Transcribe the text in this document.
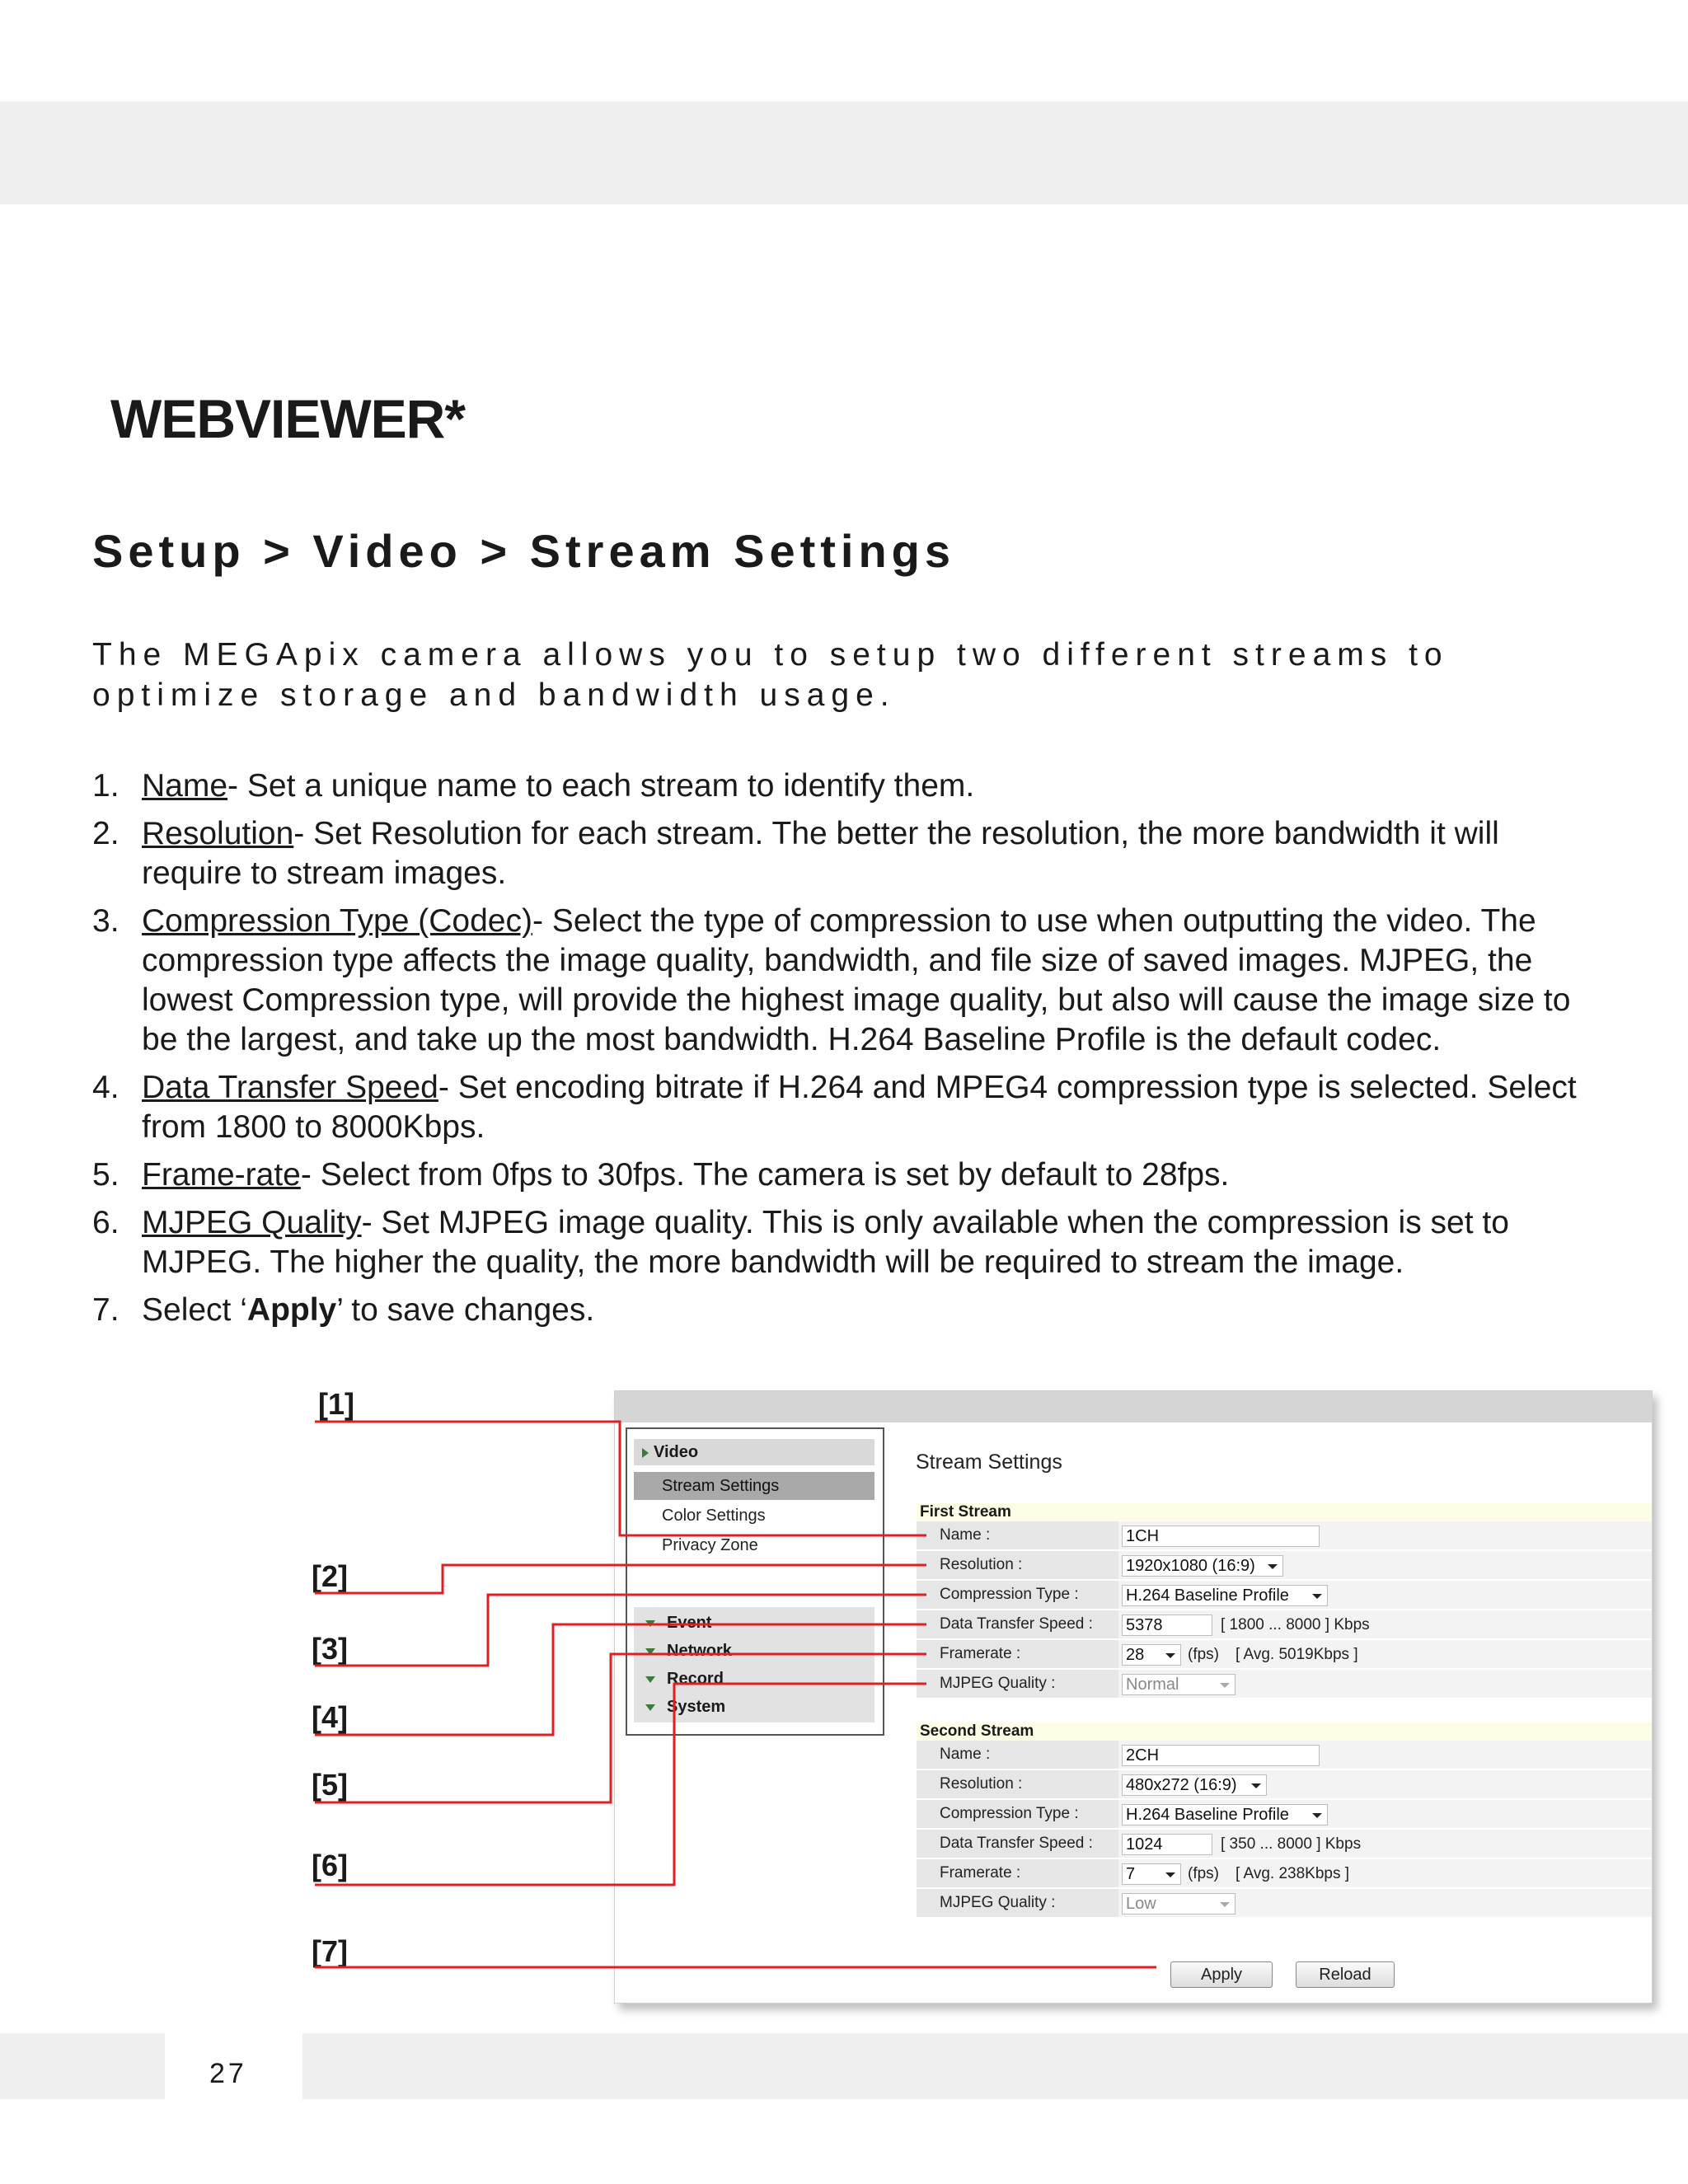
WEBVIEWER*
Setup > Video > Stream Settings

The MEGApix camera allows you to setup two different streams to optimize storage and bandwidth usage.

1. Name- Set a unique name to each stream to identify them.
2. Resolution- Set Resolution for each stream. The better the resolution, the more bandwidth it will require to stream images.
3. Compression Type (Codec)- Select the type of compression to use when outputting the video. The compression type affects the image quality, bandwidth, and file size of saved images. MJPEG, the lowest Compression type, will provide the highest image quality, but also will cause the image size to be the largest, and take up the most bandwidth. H.264 Baseline Profile is the default codec.
4. Data Transfer Speed- Set encoding bitrate if H.264 and MPEG4 compression type is selected. Select from 1800 to 8000Kbps.
5. Frame-rate- Select from 0fps to 30fps. The camera is set by default to 28fps.
6. MJPEG Quality- Set MJPEG image quality. This is only available when the compression is set to MJPEG. The higher the quality, the more bandwidth will be required to stream the image.
7. Select ‘Apply’ to save changes.
Video
Stream Settings
Color Settings
Privacy Zone
Event
Network
Record
System
Stream Settings
First Stream
Name :	1CH
Resolution :	1920x1080 (16:9)
Compression Type :	H.264 Baseline Profile
Data Transfer Speed : 5378	[ 1800 ... 8000 ] Kbps
Framerate :	28	(fps) [ Avg. 5019Kbps ]
MJPEG Quality :	Normal
Second Stream
Name :	2CH
Resolution :	480x272 (16:9)
Compression Type :	H.264 Baseline Profile
Data Transfer Speed : 1024	[ 350 ... 8000 ] Kbps
Framerate :	7	(fps) [ Avg. 238Kbps ]
MJPEG Quality :	Low
Apply	Reload
[1]
[2]
[3]
[4]
[5]
[6]
[7]
27
